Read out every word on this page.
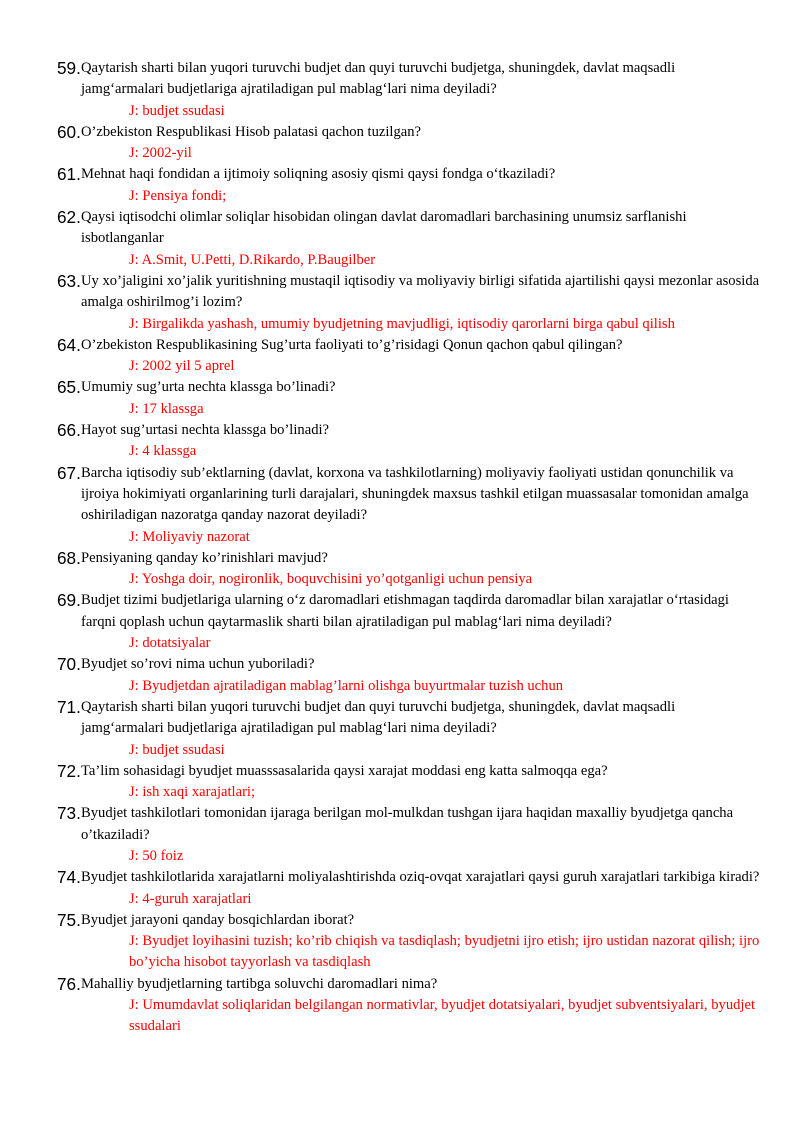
Qaytarish sharti bilan yuqori turuvchi budjet dan quyi turuvchi budjetga, shuningdek, davlat maqsadli jamg‘armalari budjetlariga ajratiladigan pul mablag‘lari nima deyiladi?
59.
J: budjet ssudasi
O’zbekiston Respublikasi Hisob palatasi qachon tuzilgan?
60.
J: 2002-yil
Mehnat haqi fondidan a ijtimoiy soliqning asosiy qismi qaysi fondga o‘tkaziladi?
61.
J: Pensiya fondi;
Qaysi iqtisodchi olimlar soliqlar hisobidan olingan davlat daromadlari barchasining unumsiz sarflanishi isbotlanganlar
62.
J: A.Smit, U.Petti, D.Rikardo, P.Baugilber
Uy xo’jaligini xo’jalik yuritishning mustaqil iqtisodiy va moliyaviy birligi sifatida ajartilishi qaysi mezonlar asosida amalga oshirilmog’i lozim?
63.
J: Birgalikda yashash, umumiy byudjetning mavjudligi, iqtisodiy qarorlarni birga qabul qilish
O’zbekiston Respublikasining Sug’urta faoliyati to’g’risidagi Qonun qachon qabul qilingan?
64.
J: 2002 yil 5 aprel
Umumiy sug’urta nechta klassga bo’linadi?
65.
J: 17 klassga
Hayot sug’urtasi nechta klassga bo’linadi?
66.
J: 4 klassga
Barcha iqtisodiy sub’ektlarning (davlat, korxona va tashkilotlarning) moliyaviy faoliyati ustidan qonunchilik va ijroiya hokimiyati organlarining turli darajalari, shuningdek maxsus tashkil etilgan muassasalar tomonidan amalga oshiriladigan nazoratga qanday nazorat deyiladi?
67.
J: Moliyaviy nazorat
Pensiyaning qanday ko’rinishlari mavjud?
68.
J: Yoshga doir, nogironlik, boquvchisini yo’qotganligi uchun pensiya
Budjet tizimi budjetlariga ularning o‘z daromadlari etishmagan taqdirda daromadlar bilan xarajatlar o‘rtasidagi farqni qoplash uchun qaytarmaslik sharti bilan ajratiladigan pul mablag‘lari nima deyiladi?
69.
J: dotatsiyalar
Byudjet so’rovi nima uchun yuboriladi?
70.
J: Byudjetdan ajratiladigan mablag’larni olishga buyurtmalar tuzish uchun
Qaytarish sharti bilan yuqori turuvchi budjet dan quyi turuvchi budjetga, shuningdek, davlat maqsadli jamg‘armalari budjetlariga ajratiladigan pul mablag‘lari nima deyiladi?
71.
J: budjet ssudasi
Ta’lim sohasidagi byudjet muasssasalarida qaysi xarajat moddasi eng katta salmoqqa ega?
72.
J: ish xaqi xarajatlari;
Byudjet tashkilotlari tomonidan ijaraga berilgan mol-mulkdan tushgan ijara haqidan maxalliy byudjetga qancha o’tkaziladi?
73.
J: 50 foiz
Byudjet tashkilotlarida xarajatlarni moliyalashtirishda oziq-ovqat xarajatlari qaysi guruh xarajatlari tarkibiga kiradi?
74.
J: 4-guruh xarajatlari
Byudjet jarayoni qanday bosqichlardan iborat?
75.
J: Byudjet loyihasini tuzish; ko’rib chiqish va tasdiqlash; byudjetni ijro etish; ijro ustidan nazorat qilish; ijro bo’yicha hisobot tayyorlash va tasdiqlash
Mahalliy byudjetlarning tartibga soluvchi daromadlari nima?
76.
J: Umumdavlat soliqlaridan belgilangan normativlar, byudjet dotatsiyalari, byudjet subventsiyalari, byudjet ssudalari
